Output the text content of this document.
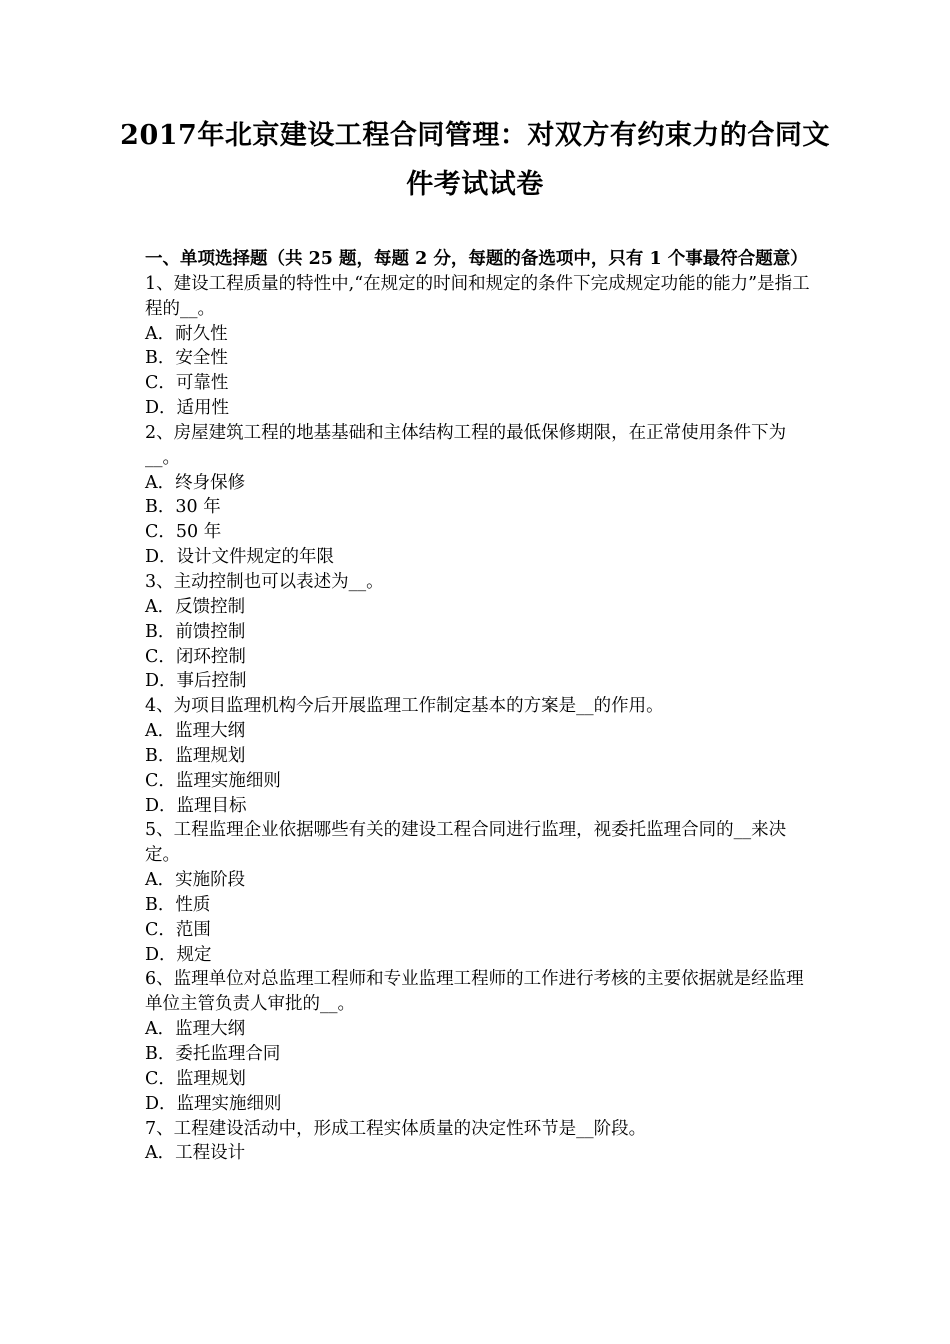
2017年北京建设工程合同管理：对双方有约束力的合同文
件考试试卷

一、单项选择题（共 25 题，每题 2 分，每题的备选项中，只有 1 个事最符合题意）

1、建设工程质量的特性中,“在规定的时间和规定的条件下完成规定功能的能力”是指工程的__。

A．耐久性

B．安全性

C．可靠性

D．适用性

2、房屋建筑工程的地基基础和主体结构工程的最低保修期限，在正常使用条件下为__。

A．终身保修

B．30 年

C．50 年

D．设计文件规定的年限

3、主动控制也可以表述为__。

A．反馈控制

B．前馈控制

C．闭环控制

D．事后控制

4、为项目监理机构今后开展监理工作制定基本的方案是__的作用。

A．监理大纲

B．监理规划

C．监理实施细则

D．监理目标

5、工程监理企业依据哪些有关的建设工程合同进行监理，视委托监理合同的__来决定。

A．实施阶段

B．性质

C．范围

D．规定

6、监理单位对总监理工程师和专业监理工程师的工作进行考核的主要依据就是经监理单位主管负责人审批的__。

A．监理大纲

B．委托监理合同

C．监理规划

D．监理实施细则

7、工程建设活动中，形成工程实体质量的决定性环节是__阶段。

A．工程设计
